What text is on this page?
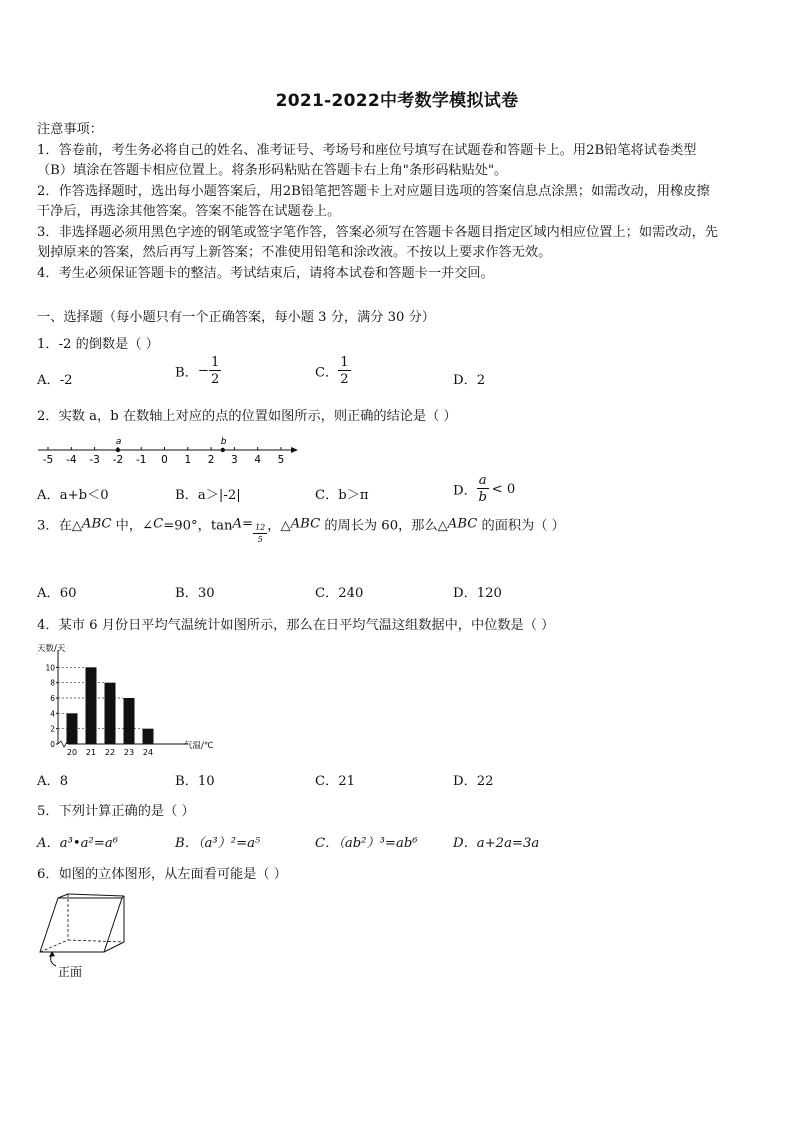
2021-2022中考数学模拟试卷
注意事项：
1．答卷前，考生务必将自己的姓名、准考证号、考场号和座位号填写在试题卷和答题卡上。用2B铅笔将试卷类型
（B）填涂在答题卡相应位置上。将条形码粘贴在答题卡右上角"条形码粘贴处"。
2．作答选择题时，选出每小题答案后，用2B铅笔把答题卡上对应题目选项的答案信息点涂黑；如需改动，用橡皮擦
干净后，再选涂其他答案。答案不能答在试题卷上。
3．非选择题必须用黑色字迹的钢笔或签字笔作答，答案必须写在答题卡各题目指定区域内相应位置上；如需改动，先
划掉原来的答案，然后再写上新答案；不准使用铅笔和涂改液。不按以上要求作答无效。
4．考生必须保证答题卡的整洁。考试结束后，请将本试卷和答题卡一并交回。
一、选择题（每小题只有一个正确答案，每小题 3 分，满分 30 分）
1．-2 的倒数是（ ）
A．-2	B．− $\frac{1}{2}$	C． $\frac{1}{2}$	D．2
2．实数 a，b 在数轴上对应的点的位置如图所示，则正确的结论是（ ）
-5 -4 -3 -2 -1 0 1 2 3 4 5
a	b
A．a+b＜0	B．a＞|-2|	C．b＞π	D． $\frac{a}{b} < 0$
3．在△ABC 中，∠C=90°，$\tan A= \frac{12}{5}$ ，△ABC 的周长为 60，那么△ABC 的面积为（ ）
A．60	B．30	C．240	D．120
4．某市 6 月份日平均气温统计如图所示，那么在日平均气温这组数据中，中位数是（ ）
天数/天
0
2
4
6
8
10
20 21 22 23 24
气温/℃
A．8	B．10	C．21	D．22
5．下列计算正确的是（ ）
A．a³•a²=a⁶	B．（a³）²=a⁵	C．（ab²）³=ab⁶	D．a+2a=3a
6．如图的立体图形，从左面看可能是（ ）
正面
